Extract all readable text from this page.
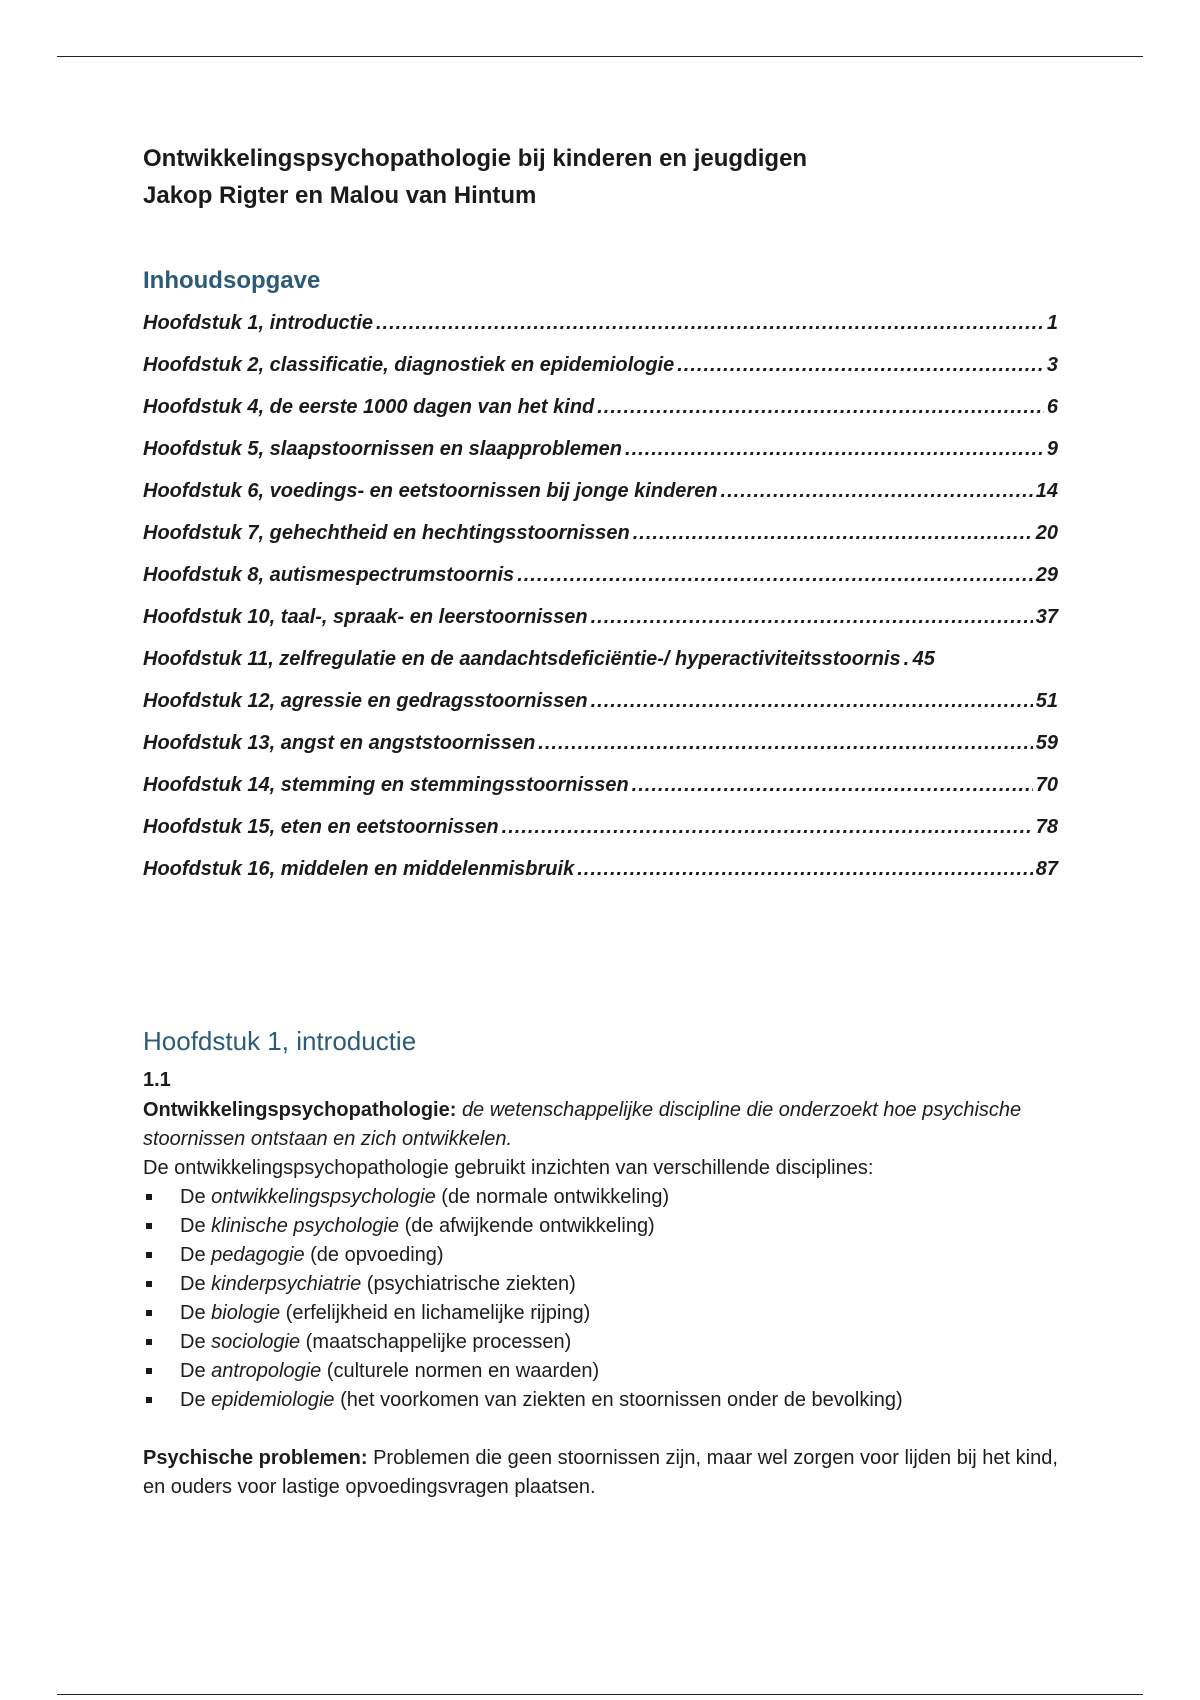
Ontwikkelingspsychopathologie bij kinderen en jeugdigen
Jakop Rigter en Malou van Hintum
Inhoudsopgave
Hoofdstuk 1, introductie .....	1
Hoofdstuk 2, classificatie, diagnostiek en epidemiologie .....	3
Hoofdstuk 4, de eerste 1000 dagen van het kind .....	6
Hoofdstuk 5, slaapstoornissen en slaapproblemen .....	9
Hoofdstuk 6, voedings- en eetstoornissen bij jonge kinderen .....	14
Hoofdstuk 7, gehechtheid en hechtingsstoornissen .....	20
Hoofdstuk 8, autismespectrumstoornis .....	29
Hoofdstuk 10, taal-, spraak- en leerstoornissen .....	37
Hoofdstuk 11, zelfregulatie en de aandachtsdeficiëntie-/ hyperactiviteitsstoornis ..... 45
Hoofdstuk 12, agressie en gedragsstoornissen .....	51
Hoofdstuk 13, angst en angststoornissen .....	59
Hoofdstuk 14, stemming en stemmingsstoornissen .....	70
Hoofdstuk 15, eten en eetstoornissen .....	78
Hoofdstuk 16, middelen en middelenmisbruik .....	87
Hoofdstuk 1, introductie
1.1

Ontwikkelingspsychopathologie: de wetenschappelijke discipline die onderzoekt hoe psychische stoornissen ontstaan en zich ontwikkelen.

De ontwikkelingspsychopathologie gebruikt inzichten van verschillende disciplines:

De ontwikkelingspsychologie (de normale ontwikkeling)
De klinische psychologie (de afwijkende ontwikkeling)
De pedagogie (de opvoeding)
De kinderpsychiatrie (psychiatrische ziekten)
De biologie (erfelijkheid en lichamelijke rijping)
De sociologie (maatschappelijke processen)
De antropologie (culturele normen en waarden)
De epidemiologie (het voorkomen van ziekten en stoornissen onder de bevolking)

Psychische problemen: Problemen die geen stoornissen zijn, maar wel zorgen voor lijden bij het kind, en ouders voor lastige opvoedingsvragen plaatsen.
